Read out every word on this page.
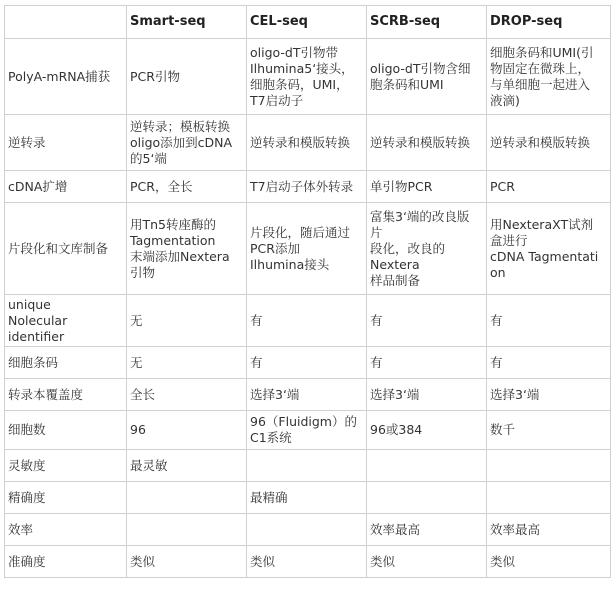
	Smart-seq	CEL-seq	SCRB-seq	DROP-seq

PolyA-mRNA捕获	PCR引物	oligo-dT引物带
Ilhumina5‘接头，
细胞条码，UMI，
T7启动子	oligo-dT引物含细
胞条码和UMI	细胞条码和UMI(引
物固定在微珠上，
与单细胞一起进入
液滴)

逆转录	逆转录；模板转换
oligo添加到cDNA
的5‘端	逆转录和模版转换	逆转录和模版转换	逆转录和模版转换

cDNA扩增	PCR，全长	T7启动子体外转录	单引物PCR	PCR

片段化和文库制备	用Tn5转座酶的
Tagmentation
末端添加Nextera
引物	片段化，随后通过
PCR添加
Ilhumina接头	富集3‘端的改良版
片
段化，改良的
Nextera
样品制备	用NexteraXT试剂
盒进行
cDNA Tagmentati
on

unique
Nolecular
identifier	无	有	有	有

细胞条码	无	有	有	有

转录本覆盖度	全长	选择3‘端	选择3‘端	选择3‘端

细胞数	96	96（Fluidigm）的
C1系统	96或384	数千

灵敏度	最灵敏			

精确度		最精确		

效率			效率最高	效率最高

准确度	类似	类似	类似	类似
